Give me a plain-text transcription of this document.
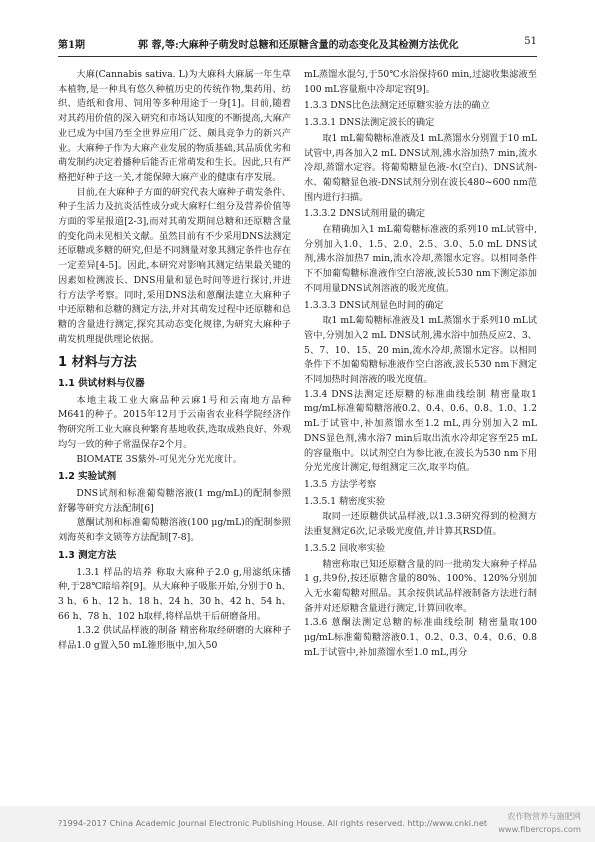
第1期	郭 蓉,等:大麻种子萌发时总糖和还原糖含量的动态变化及其检测方法优化	51

大麻(Cannabis sativa. L)为大麻科大麻属一年生草本植物,是一种具有悠久种植历史的传统作物,集药用、纺织、造纸和食用、饲用等多种用途于一身[1]。目前,随着对其药用价值的深入研究和市场认知度的不断提高,大麻产业已成为中国乃至全世界应用广泛、颇具竞争力的新兴产业。大麻种子作为大麻产业发展的物质基础,其品质优劣和萌发制约决定着播种后能否正常萌发和生长。因此,只有严格把好种子这一关,才能保障大麻产业的健康有序发展。

目前,在大麻种子方面的研究代表大麻种子萌发条件、种子生活力及抗炎活性成分或大麻籽仁组分及营养价值等方面的零星报道[2-3],而对其萌发期间总糖和还原糖含量的变化尚未见相关文献。虽然目前有不少采用DNS法测定还原糖或多糖的研究,但是不同测量对象其测定条件也存在一定差异[4-5]。因此,本研究对影响其测定结果最关键的因素如检测波长、DNS用量和显色时间等进行探讨,并进行方法学考察。同时,采用DNS法和蒽酮法建立大麻种子中还原糖和总糖的测定方法,并对其萌发过程中还原糖和总糖的含量进行测定,探究其动态变化规律,为研究大麻种子萌发机理提供理论依据。

1 材料与方法
1.1 供试材料与仪器

本地主栽工业大麻品种云麻1号和云南地方品种M641的种子。2015年12月于云南省农业科学院经济作物研究所工业大麻良种繁育基地收获,选取成熟良好、外观均匀一致的种子常温保存2个月。

BIOMATE 3S紫外-可见光分光光度计。

1.2 实验试剂

DNS试剂和标准葡萄糖溶液(1 mg/mL)的配制参照舒馨等研究方法配制[6]

蒽酮试剂和标准葡萄糖溶液(100 μg/mL)的配制参照刘海英和李文锁等方法配制[7-8]。

1.3 测定方法

1.3.1 样品的培养 称取大麻种子2.0 g,用滤纸床播种,于28℃暗培养[9]。从大麻种子吸胀开始,分别于0 h、3 h、6 h、12 h、18 h、24 h、30 h、42 h、54 h、66 h、78 h、102 h取样,将样品烘干后研磨备用。

1.3.2 供试品样液的制备 精密称取经研磨的大麻种子样品1.0 g置入50 mL锥形瓶中,加入50

mL蒸馏水混匀,于50℃水浴保持60 min,过滤收集滤液至100 mL容量瓶中冷却定容[9]。

1.3.3 DNS比色法测定还原糖实验方法的确立
1.3.3.1 DNS法测定波长的确定

取1 mL葡萄糖标准液及1 mL蒸馏水分别置于10 mL试管中,再各加入2 mL DNS试剂,沸水浴加热7 min,流水冷却,蒸馏水定容。将葡萄糖显色液-水(空白)、DNS试剂-水、葡萄糖显色液-DNS试剂分别在波长480~600 nm范围内进行扫描。

1.3.3.2 DNS试剂用量的确定

在精确加入1 mL葡萄糖标准液的系列10 mL试管中,分别加入1.0、1.5、2.0、2.5、3.0、5.0 mL DNS试剂,沸水浴加热7 min,流水冷却,蒸馏水定容。以相同条件下不加葡萄糖标准液作空白溶液,波长530 nm下测定添加不同用量DNS试剂溶液的吸光度值。

1.3.3.3 DNS试剂显色时间的确定

取1 mL葡萄糖标准液及1 mL蒸馏水于系列10 mL试管中,分别加入2 mL DNS试剂,沸水浴中加热反应2、3、5、7、10、15、20 min,流水冷却,蒸馏水定容。以相同条件下不加葡萄糖标准液作空白溶液,波长530 nm下测定不同加热时间溶液的吸光度值。

1.3.4 DNS法测定还原糖的标准曲线绘制 精密量取1 mg/mL标准葡萄糖溶液0.2、0.4、0.6、0.8、1.0、1.2 mL于试管中,补加蒸馏水至1.2 mL,再分别加入2 mL DNS显色剂,沸水浴7 min后取出流水冷却定容至25 mL的容量瓶中。以试剂空白为参比液,在波长为530 nm下用分光光度计测定,每组测定三次,取平均值。

1.3.5 方法学考察
1.3.5.1 精密度实验

取同一还原糖供试品样液,以1.3.3研究得到的检测方法重复测定6次,记录吸光度值,并计算其RSD值。

1.3.5.2 回收率实验

精密称取已知还原糖含量的同一批萌发大麻种子样品1 g,共9份,按还原糖含量的80%、100%、120%分别加入无水葡萄糖对照品。其余按供试品样液制备方法进行制备并对还原糖含量进行测定,计算回收率。

1.3.6 蒽酮法测定总糖的标准曲线绘制 精密量取100 μg/mL标准葡萄糖溶液0.1、0.2、0.3、0.4、0.6、0.8 mL于试管中,补加蒸馏水至1.0 mL,再分

?1994-2017 China Academic Journal Electronic Publishing House. All rights reserved. http://www.cnki.net
农作物营养与施肥网
www.fibercrops.com
